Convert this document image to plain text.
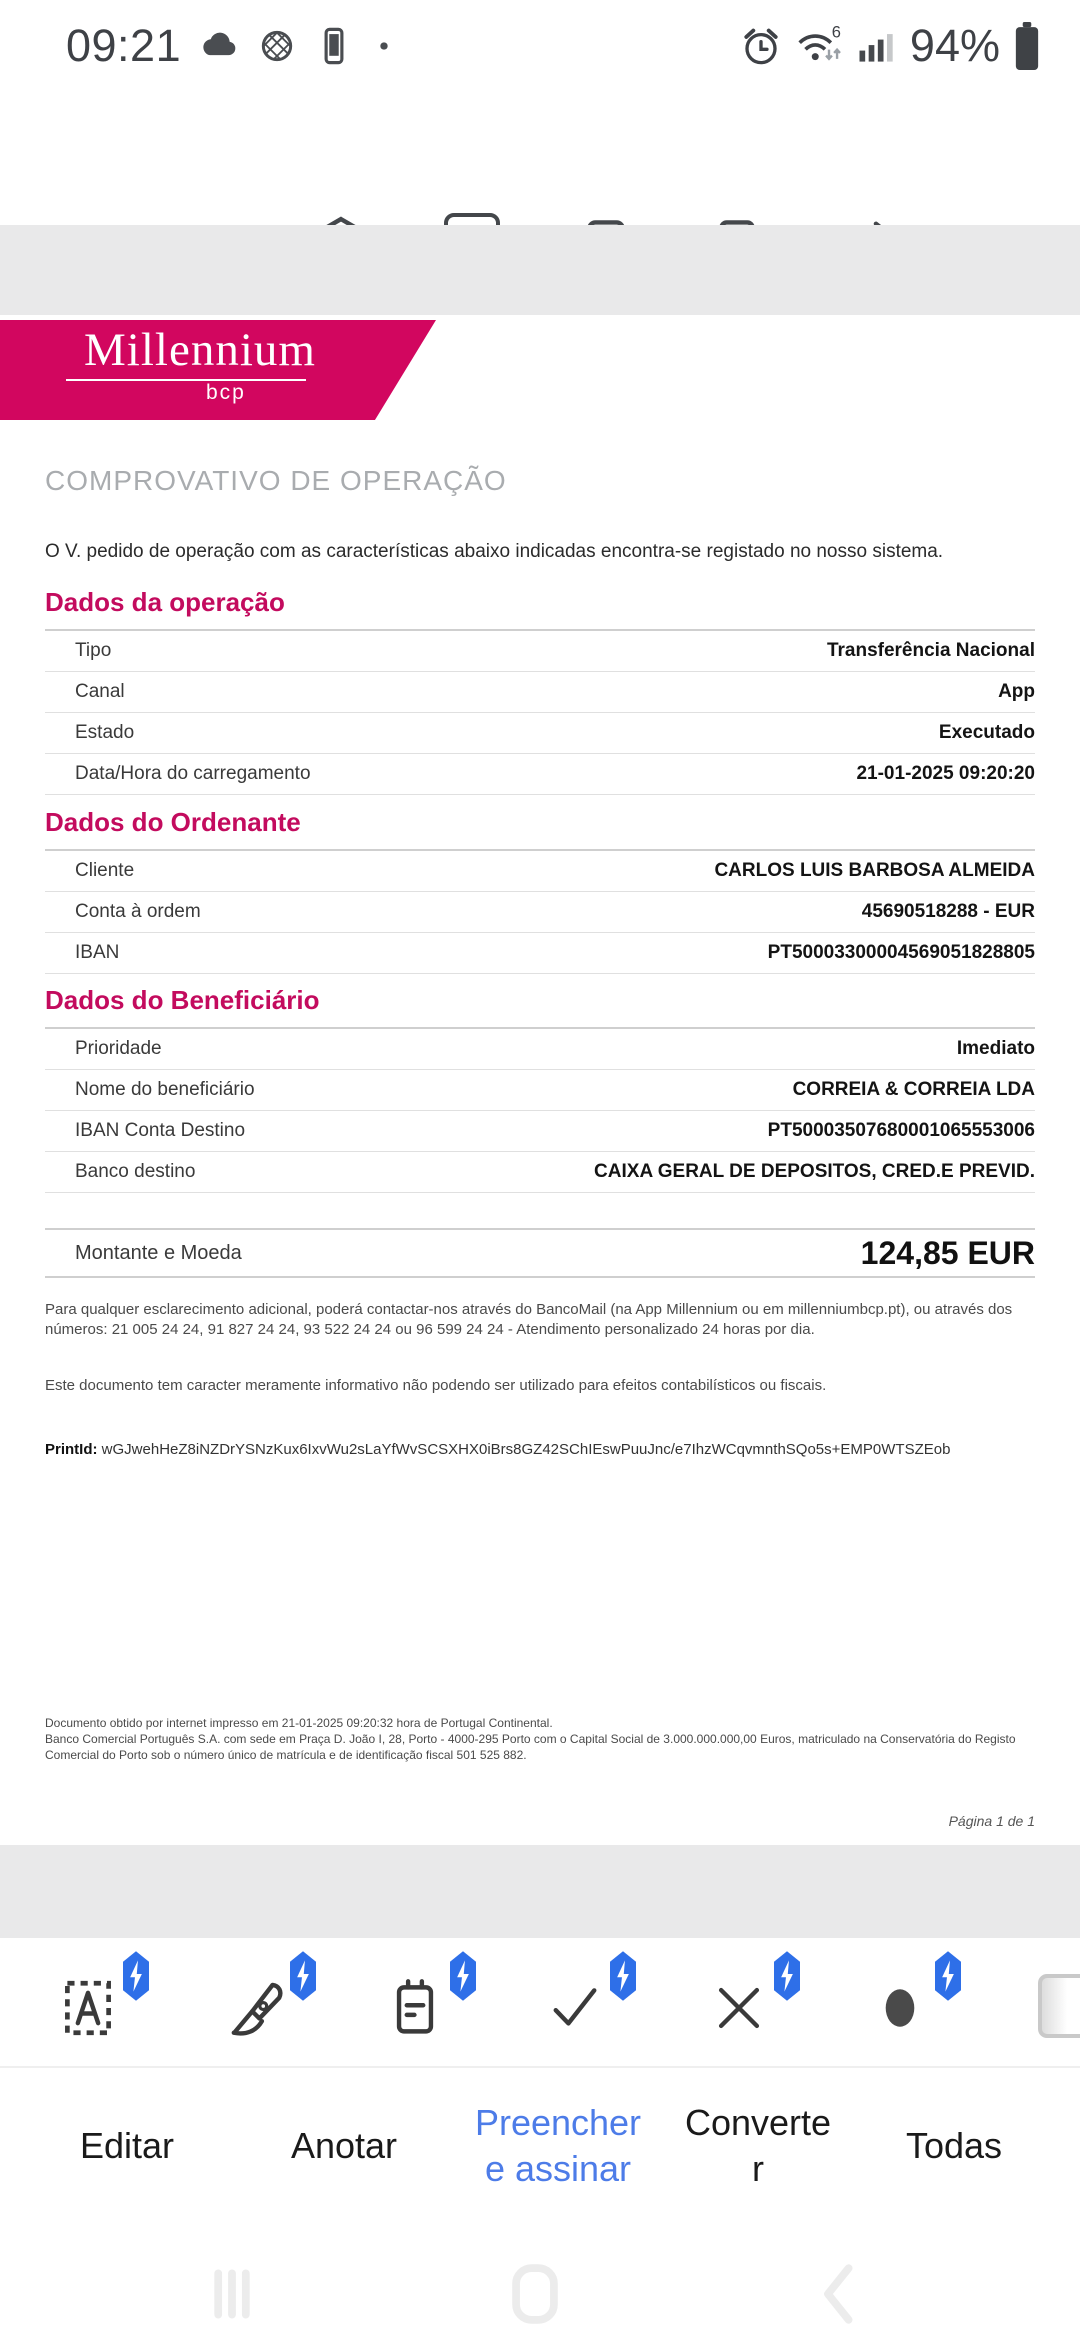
09:21	6 94%
Millennium
bcp
COMPROVATIVO DE OPERAÇÃO
O V. pedido de operação com as características abaixo indicadas encontra-se registado no nosso sistema.
Dados da operação
Tipo	Transferência Nacional
Canal	App
Estado	Executado
Data/Hora do carregamento	21-01-2025 09:20:20
Dados do Ordenante
Cliente	CARLOS LUIS BARBOSA ALMEIDA
Conta à ordem	45690518288 - EUR
IBAN	PT50003300004569051828805
Dados do Beneficiário
Prioridade	Imediato
Nome do beneficiário	CORREIA & CORREIA LDA
IBAN Conta Destino	PT50003507680001065553006
Banco destino	CAIXA GERAL DE DEPOSITOS, CRED.E PREVID.
Montante e Moeda	124,85 EUR
Para qualquer esclarecimento adicional, poderá contactar-nos através do BancoMail (na App Millennium ou em millenniumbcp.pt), ou através dos números: 21 005 24 24, 91 827 24 24, 93 522 24 24 ou 96 599 24 24 - Atendimento personalizado 24 horas por dia.
Este documento tem caracter meramente informativo não podendo ser utilizado para efeitos contabilísticos ou fiscais.
PrintId: wGJwehHeZ8iNZDrYSNzKux6IxvWu2sLaYfWvSCSXHX0iBrs8GZ42SChIEswPuuJnc/e7IhzWCqvmnthSQo5s+EMP0WTSZEob
Documento obtido por internet impresso em 21-01-2025 09:20:32 hora de Portugal Continental.
Banco Comercial Português S.A. com sede em Praça D. João I, 28, Porto - 4000-295 Porto com o Capital Social de 3.000.000.000,00 Euros, matriculado na Conservatória do Registo Comercial do Porto sob o número único de matrícula e de identificação fiscal 501 525 882.
Página 1 de 1
Editar	Anotar
Preencher e assinar
Converter
Todas
